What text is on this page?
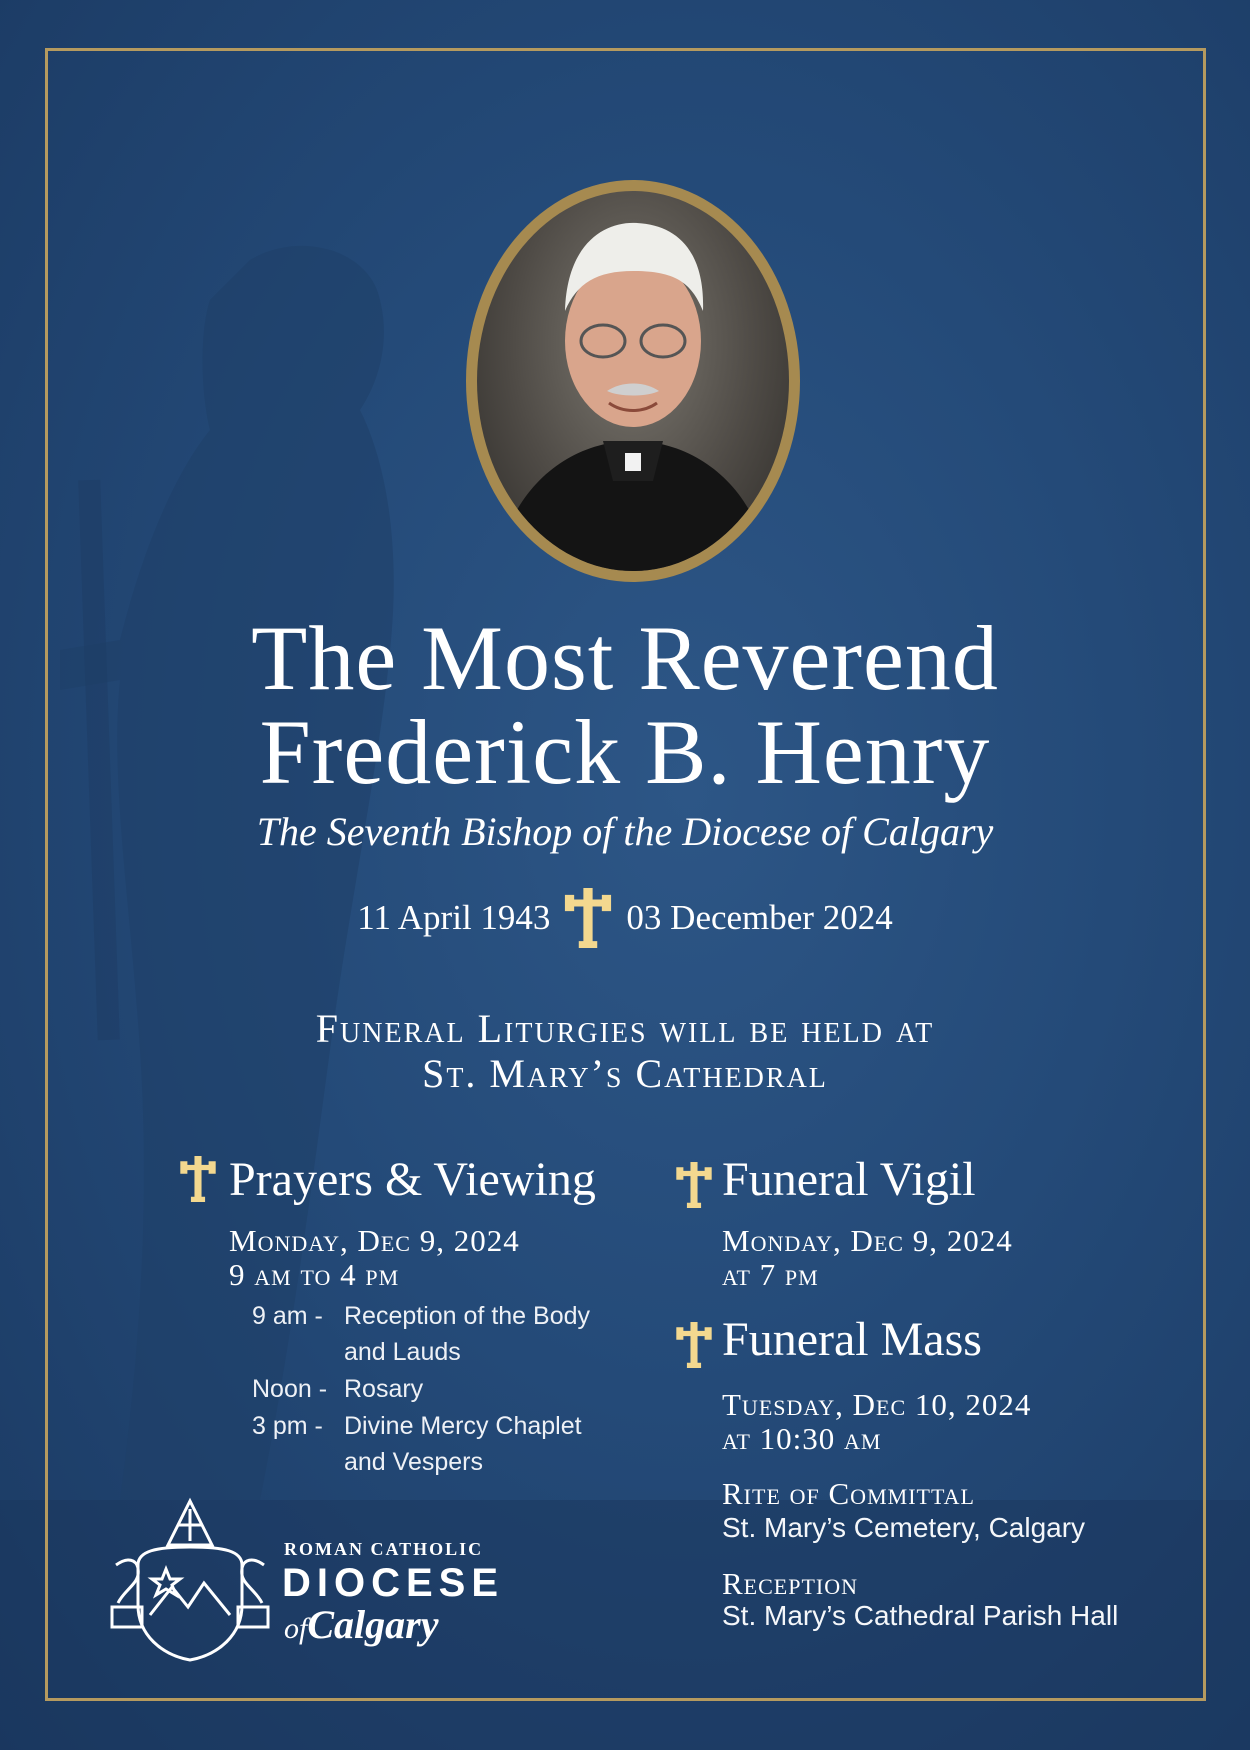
The Most Reverend
Frederick B. Henry
The Seventh Bishop of the Diocese of Calgary
11 April 1943 03 December 2024
Funeral Liturgies will be held at
St. Mary’s Cathedral
Prayers & Viewing
Monday, Dec 9, 2024
9 am to 4 pm
9 am - Reception of the Body
and Lauds
Noon - Rosary
3 pm - Divine Mercy Chaplet
and Vespers
Funeral Vigil
Monday, Dec 9, 2024
at 7 pm
Funeral Mass
Tuesday, Dec 10, 2024
at 10:30 am
Rite of Committal
St. Mary’s Cemetery, Calgary
Reception
St. Mary’s Cathedral Parish Hall
ROMAN CATHOLIC
DIOCESE
ofCalgary
